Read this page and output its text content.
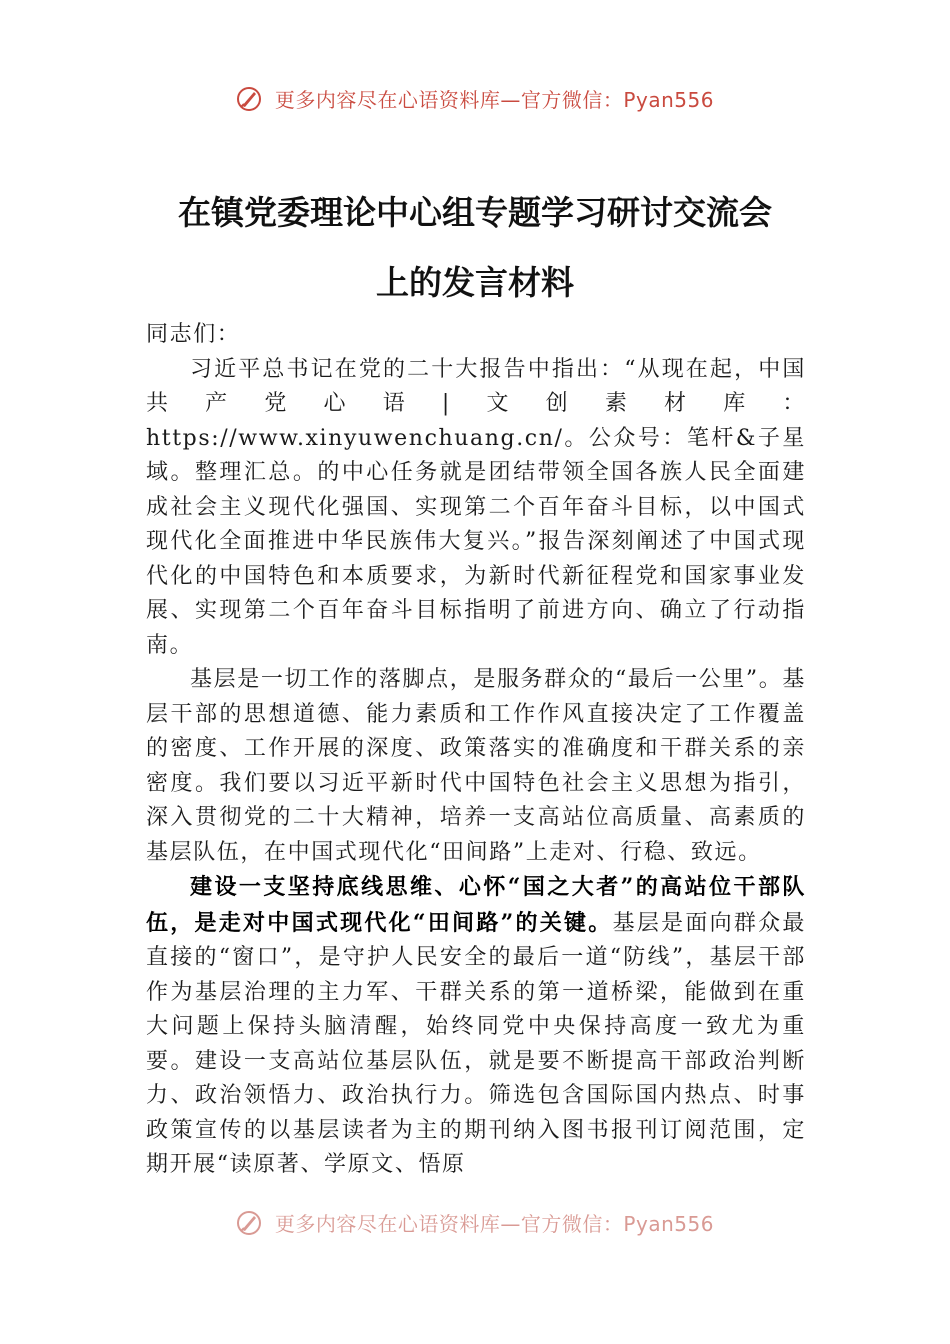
更多内容尽在心语资料库—官方微信：Pyan556
在镇党委理论中心组专题学习研讨交流会
上的发言材料

同志们：

习近平总书记在党的二十大报告中指出：“从现在起，中国共产党心语|文创素材库：https://www.xinyuwenchuang.cn/。公众号：笔杆&子星域。整理汇总。的中心任务就是团结带领全国各族人民全面建成社会主义现代化强国、实现第二个百年奋斗目标，以中国式现代化全面推进中华民族伟大复兴。”报告深刻阐述了中国式现代化的中国特色和本质要求，为新时代新征程党和国家事业发展、实现第二个百年奋斗目标指明了前进方向、确立了行动指南。

基层是一切工作的落脚点，是服务群众的“最后一公里”。基层干部的思想道德、能力素质和工作作风直接决定了工作覆盖的密度、工作开展的深度、政策落实的准确度和干群关系的亲密度。我们要以习近平新时代中国特色社会主义思想为指引，深入贯彻党的二十大精神，培养一支高站位高质量、高素质的基层队伍，在中国式现代化“田间路”上走对、行稳、致远。

建设一支坚持底线思维、心怀“国之大者”的高站位干部队伍，是走对中国式现代化“田间路”的关键。基层是面向群众最直接的“窗口”，是守护人民安全的最后一道“防线”，基层干部作为基层治理的主力军、干群关系的第一道桥梁，能做到在重大问题上保持头脑清醒，始终同党中央保持高度一致尤为重要。建设一支高站位基层队伍，就是要不断提高干部政治判断力、政治领悟力、政治执行力。筛选包含国际国内热点、时事政策宣传的以基层读者为主的期刊纳入图书报刊订阅范围，定期开展“读原著、学原文、悟原

更多内容尽在心语资料库—官方微信：Pyan556
